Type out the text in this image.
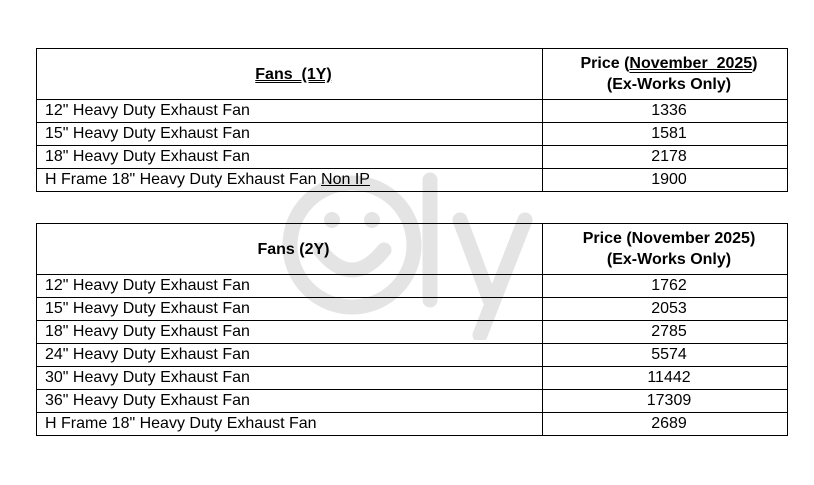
Fans  (1Y)	Price (November  2025)
(Ex-Works Only)
12" Heavy Duty Exhaust Fan	1336
15" Heavy Duty Exhaust Fan	1581
18" Heavy Duty Exhaust Fan	2178
H Frame 18" Heavy Duty Exhaust Fan Non IP	1900
Fans (2Y)	Price (November 2025)
(Ex-Works Only)
12" Heavy Duty Exhaust Fan	1762
15" Heavy Duty Exhaust Fan	2053
18" Heavy Duty Exhaust Fan	2785
24" Heavy Duty Exhaust Fan	5574
30" Heavy Duty Exhaust Fan	11442
36" Heavy Duty Exhaust Fan	17309
H Frame 18" Heavy Duty Exhaust Fan	2689
